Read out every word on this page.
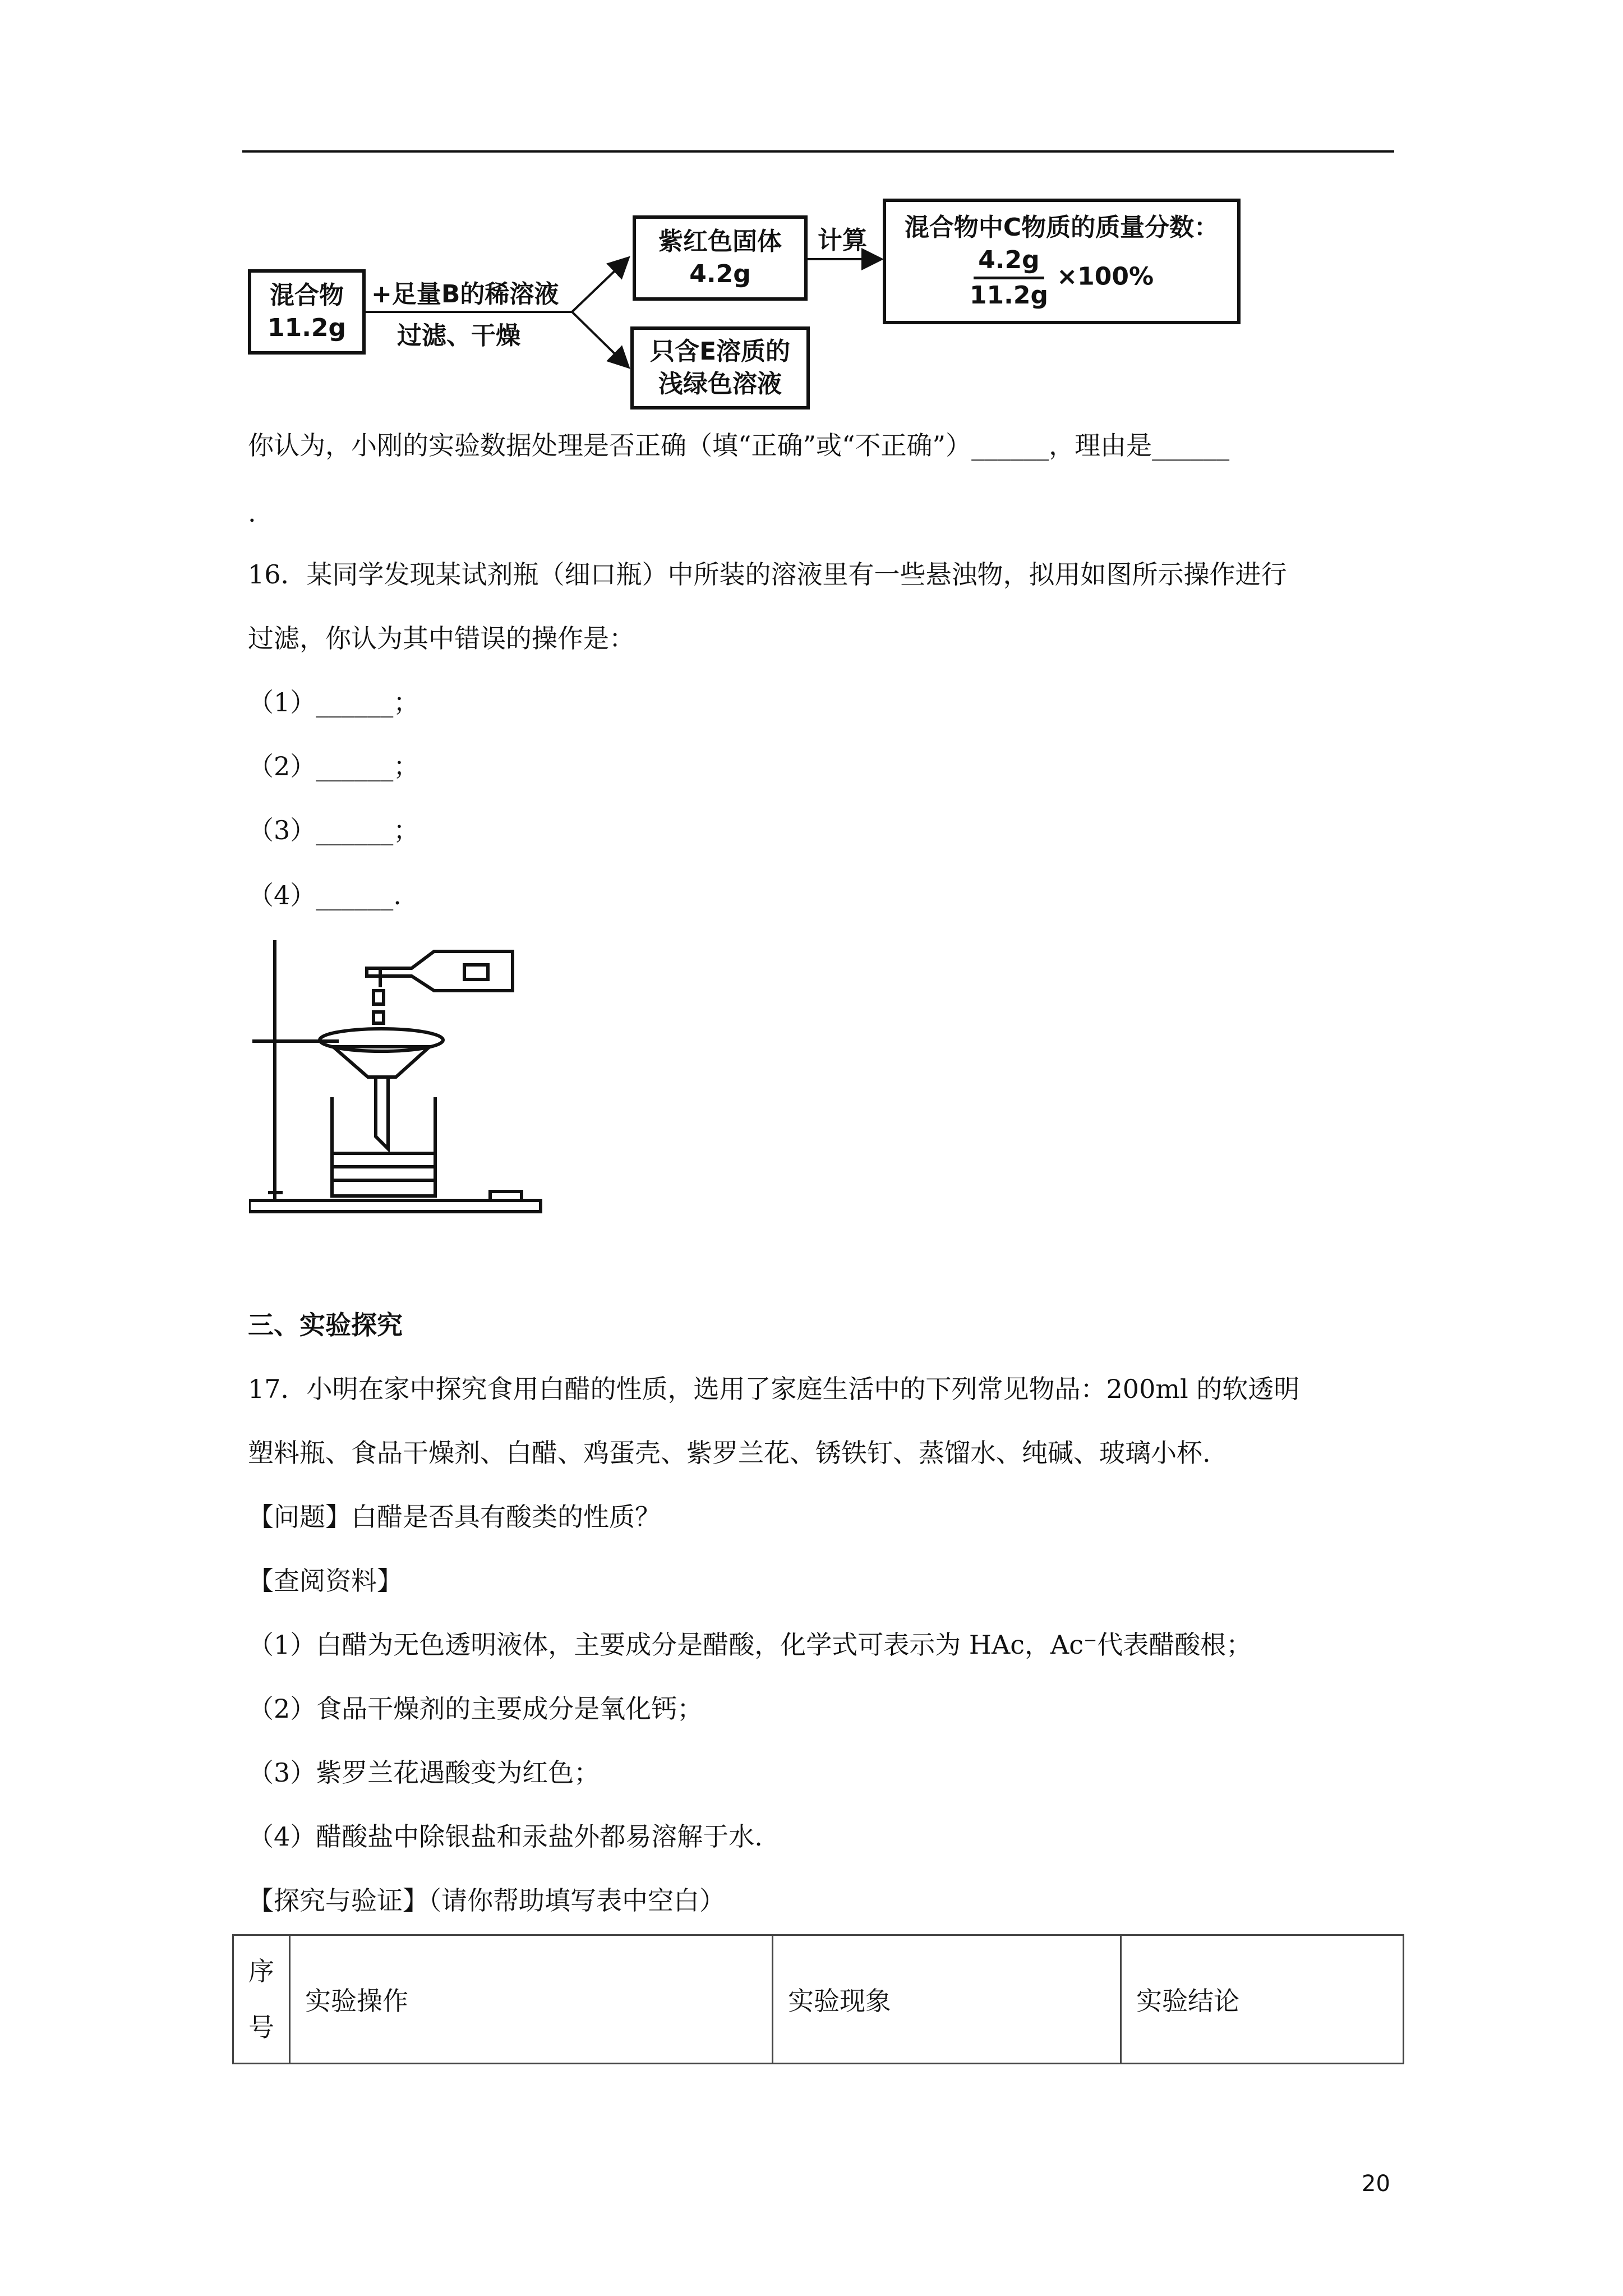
混合物
11.2g
+足量B的稀溶液
过滤、干燥
紫红色固体
4.2g
计算 混合物中C物质的质量分数：
$\frac{4.2g}{11.2g} \times 100\%$
只含E溶质的
浅绿色溶液
你认为，小刚的实验数据处理是否正确（填“正确”或“不正确”）______，理由是______
.
16．某同学发现某试剂瓶（细口瓶）中所装的溶液里有一些悬浊物，拟用如图所示操作进行
过滤，你认为其中错误的操作是：
（1）______；
（2）______；
（3）______；
（4）______.
三、实验探究
17．小明在家中探究食用白醋的性质，选用了家庭生活中的下列常见物品：200ml 的软透明
塑料瓶、食品干燥剂、白醋、鸡蛋壳、紫罗兰花、锈铁钉、蒸馏水、纯碱、玻璃小杯.
【问题】白醋是否具有酸类的性质？
【查阅资料】
（1）白醋为无色透明液体，主要成分是醋酸，化学式可表示为 HAc，Ac⁻代表醋酸根；
（2）食品干燥剂的主要成分是氧化钙；
（3）紫罗兰花遇酸变为红色；
（4）醋酸盐中除银盐和汞盐外都易溶解于水.
【探究与验证】（请你帮助填写表中空白）
序
号
	实验操作	实验现象	实验结论
20
